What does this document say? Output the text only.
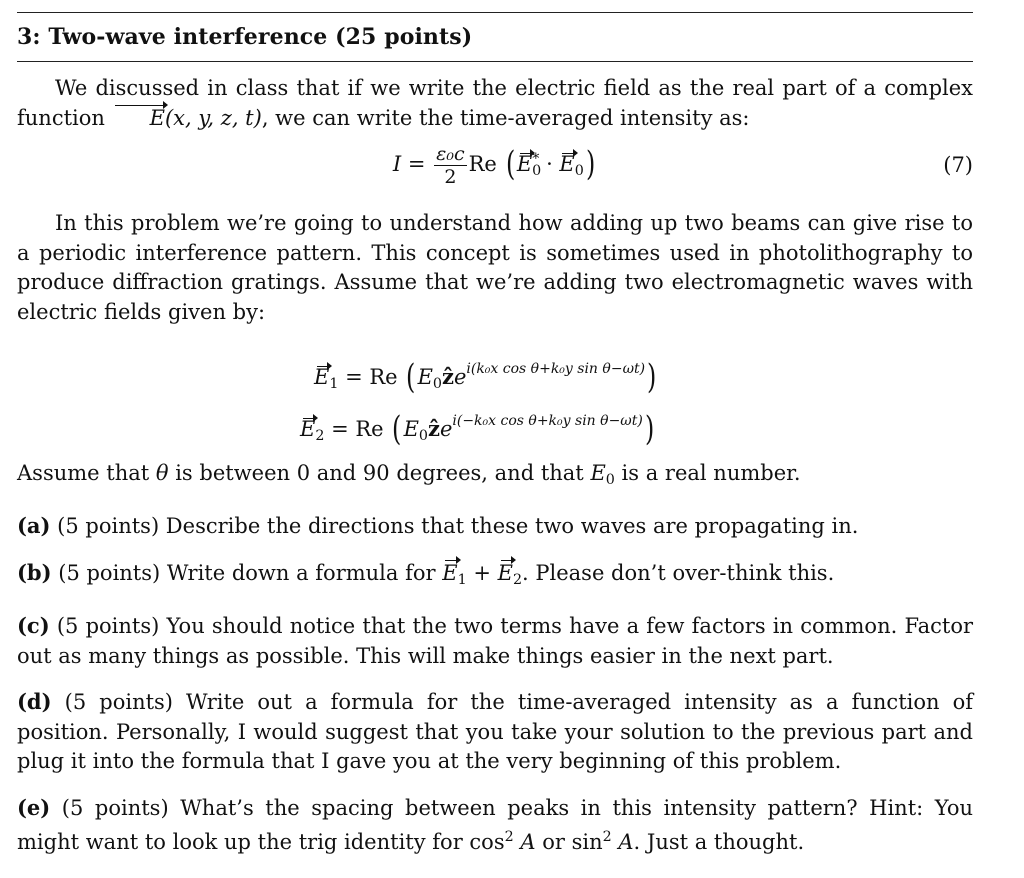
3: Two-wave interference (25 points)

We discussed in class that if we write the electric field as the real part of a complex function E(x, y, z, t), we can write the time-averaged intensity as:

$I = \frac{\text{ε₀c}}{2}$ Re $(E_0^* \cdot E_0)$	(7)

In this problem we’re going to understand how adding up two beams can give rise to a periodic interference pattern. This concept is sometimes used in photolithography to produce diffraction gratings. Assume that we’re adding two electromagnetic waves with electric fields given by:

$E_1 = Re$ $(E_0ẑe^{i(k_0x cos \theta+k_0y sin \theta-\omega t)})$
$E_2 = Re$ $(E_0ẑe^{i(-k_0x cos \theta+k_0y sin \theta-\omega t)})$

Assume that θ is between 0 and 90 degrees, and that $E_0$ is a real number.

(a) (5 points) Describe the directions that these two waves are propagating in.

(b) (5 points) Write down a formula for $E_1 + E_2$. Please don’t over-think this.

(c) (5 points) You should notice that the two terms have a few factors in common. Factor out as many things as possible. This will make things easier in the next part.

(d) (5 points) Write out a formula for the time-averaged intensity as a function of position. Personally, I would suggest that you take your solution to the previous part and plug it into the formula that I gave you at the very beginning of this problem.

(e) (5 points) What’s the spacing between peaks in this intensity pattern? Hint: You might want to look up the trig identity for $\cos^2 A$ or $\sin^2 A$. Just a thought.
